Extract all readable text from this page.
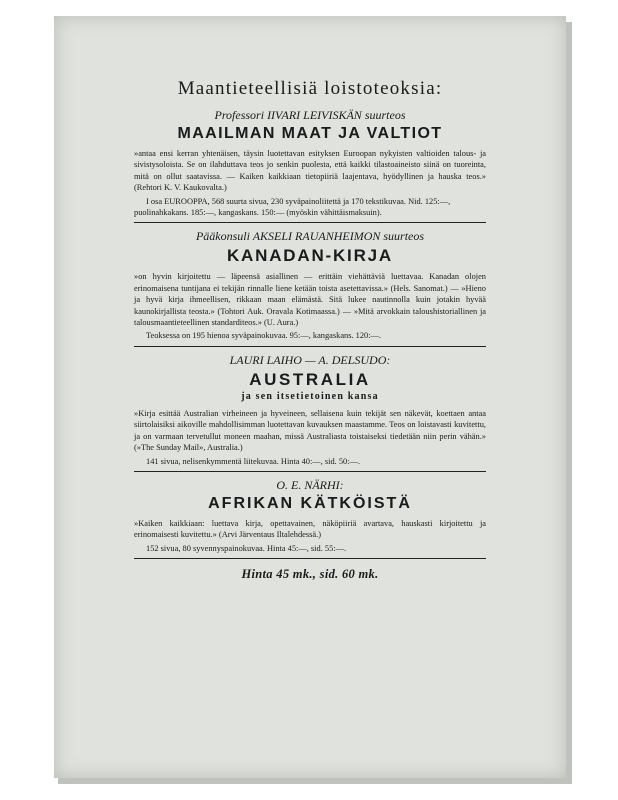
Maantieteellisiä loistoteoksia:
Professori IIVARI LEIVISKÄN suurteos
MAAILMAN MAAT JA VALTIOT

»antaa ensi kerran yhtenäisen, täysin luotettavan esityksen Euroopan nykyisten valtioiden talous- ja sivistysoloista. Se on ilahduttava teos jo senkin puolesta, että kaikki tilastoaineisto siinä on tuoreinta, mitä on ollut saatavissa. — Kaiken kaikkiaan tietopiiriä laajentava, hyödyllinen ja hauska teos.» (Rehtori K. V. Kaukovalta.)

I osa EUROOPPA, 568 suurta sivua, 230 syväpainoliitettä ja 170 tekstikuvaa. Nid. 125:—, puolinahkakans. 185:—, kangaskans. 150:— (myöskin vähittäismaksuin).

Pääkonsuli AKSELI RAUANHEIMON suurteos
KANADAN-KIRJA

»on hyvin kirjoitettu — läpeensä asiallinen — erittäin viehättäviä luettavaa. Kanadan olojen erinomaisena tuntijana ei tekijän rinnalle liene ketään toista asetettavissa.» (Hels. Sanomat.) — »Hieno ja hyvä kirja ihmeellisen, rikkaan maan elämästä. Sitä lukee nautinnolla kuin jotakin hyvää kaunokirjallista teosta.» (Tohtori Auk. Oravala Kotimaassa.) — »Mitä arvokkain taloushistoriallinen ja talousmaantieteellinen standarditeos.» (U. Aura.)

Teoksessa on 195 hienoa syväpainokuvaa. 95:—, kangaskans. 120:—.

LAURI LAIHO — A. DELSUDO:
AUSTRALIA
ja sen itsetietoinen kansa

»Kirja esittää Australian virheineen ja hyveineen, sellaisena kuin tekijät sen näkevät, koettaen antaa siirtolaisiksi aikoville mahdollisimman luotettavan kuvauksen maastamme. Teos on loistavasti kuvitettu, ja on varmaan tervetullut moneen maahan, missä Australiasta toistaiseksi tiedetään niin perin vähän.» (»The Sunday Mail», Australia.)

141 sivua, nelisenkymmentä liitekuvaa. Hinta 40:—, sid. 50:—.

O. E. NÄRHI:
AFRIKAN KÄTKÖISTÄ

»Kaiken kaikkiaan: luettava kirja, opettavainen, näköpiiriä avartava, hauskasti kirjoitettu ja erinomaisesti kuvitettu.» (Arvi Järventaus Iltalehdessä.)

152 sivua, 80 syvennyspainokuvaa. Hinta 45:—, sid. 55:—.

Hinta 45 mk., sid. 60 mk.
